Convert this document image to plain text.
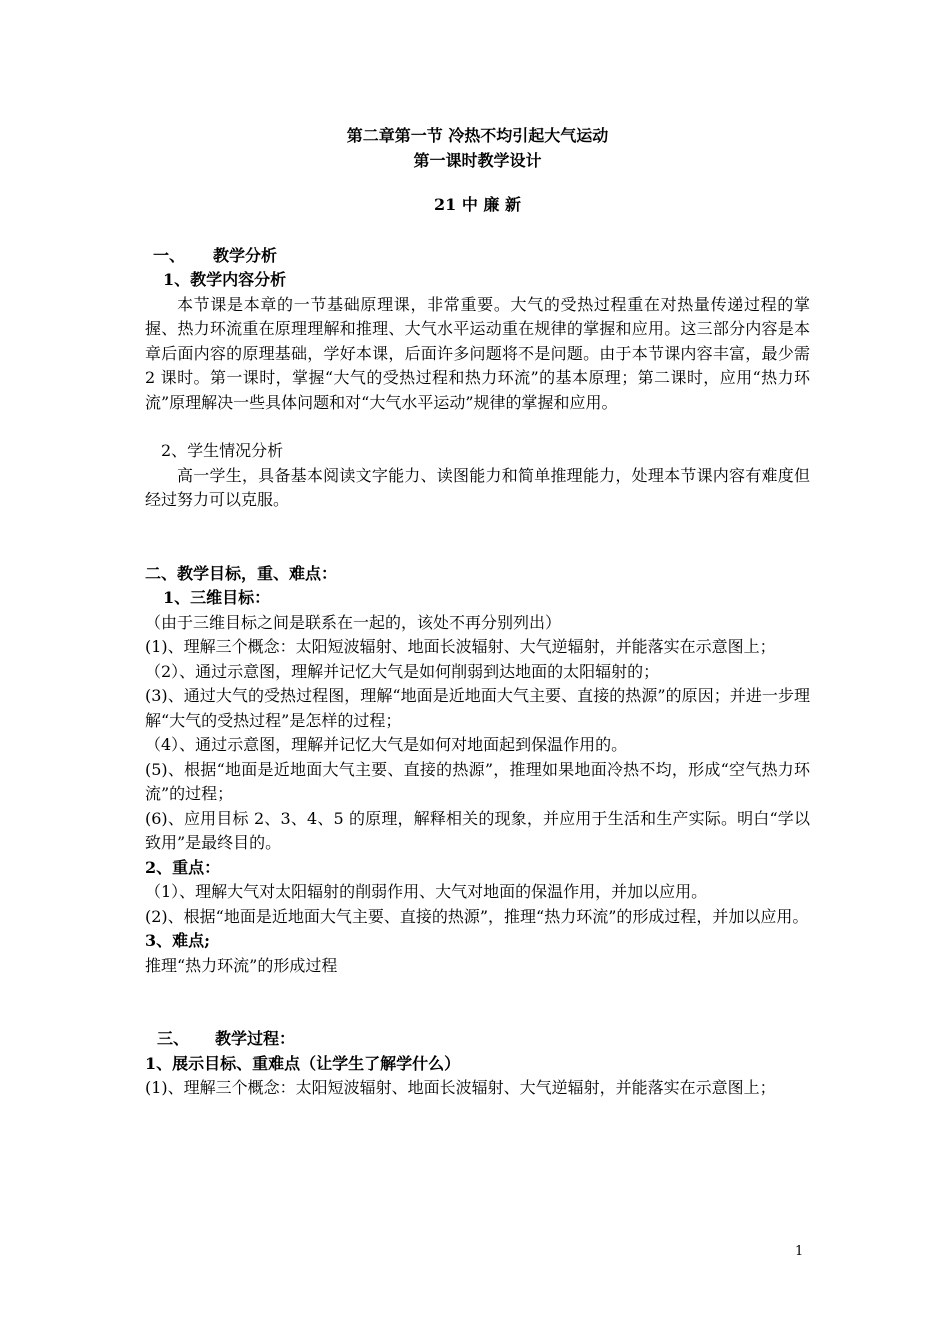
第二章第一节 冷热不均引起大气运动
第一课时教学设计
21 中 廉 新
一、 教学分析
1、教学内容分析

本节课是本章的一节基础原理课，非常重要。大气的受热过程重在对热量传递过程的掌握、热力环流重在原理理解和推理、大气水平运动重在规律的掌握和应用。这三部分内容是本章后面内容的原理基础，学好本课，后面许多问题将不是问题。由于本节课内容丰富，最少需 2 课时。第一课时，掌握“大气的受热过程和热力环流”的基本原理；第二课时，应用“热力环流”原理解决一些具体问题和对“大气水平运动”规律的掌握和应用。

2、学生情况分析

高一学生，具备基本阅读文字能力、读图能力和简单推理能力，处理本节课内容有难度但经过努力可以克服。

二、教学目标，重、难点：
1、三维目标：

（由于三维目标之间是联系在一起的，该处不再分别列出）

(1)、理解三个概念：太阳短波辐射、地面长波辐射、大气逆辐射，并能落实在示意图上；

（2）、通过示意图，理解并记忆大气是如何削弱到达地面的太阳辐射的；

(3)、通过大气的受热过程图，理解“地面是近地面大气主要、直接的热源”的原因；并进一步理解“大气的受热过程”是怎样的过程；

（4）、通过示意图，理解并记忆大气是如何对地面起到保温作用的。

(5)、根据“地面是近地面大气主要、直接的热源”，推理如果地面冷热不均，形成“空气热力环流”的过程；

(6)、应用目标 2、3、4、5 的原理，解释相关的现象，并应用于生活和生产实际。明白“学以致用”是最终目的。

2、重点：

（1）、理解大气对太阳辐射的削弱作用、大气对地面的保温作用，并加以应用。

(2)、根据“地面是近地面大气主要、直接的热源”，推理“热力环流”的形成过程，并加以应用。

3、难点;

推理“热力环流”的形成过程

三、 教学过程：
1、展示目标、重难点（让学生了解学什么）

(1)、理解三个概念：太阳短波辐射、地面长波辐射、大气逆辐射，并能落实在示意图上；

1
